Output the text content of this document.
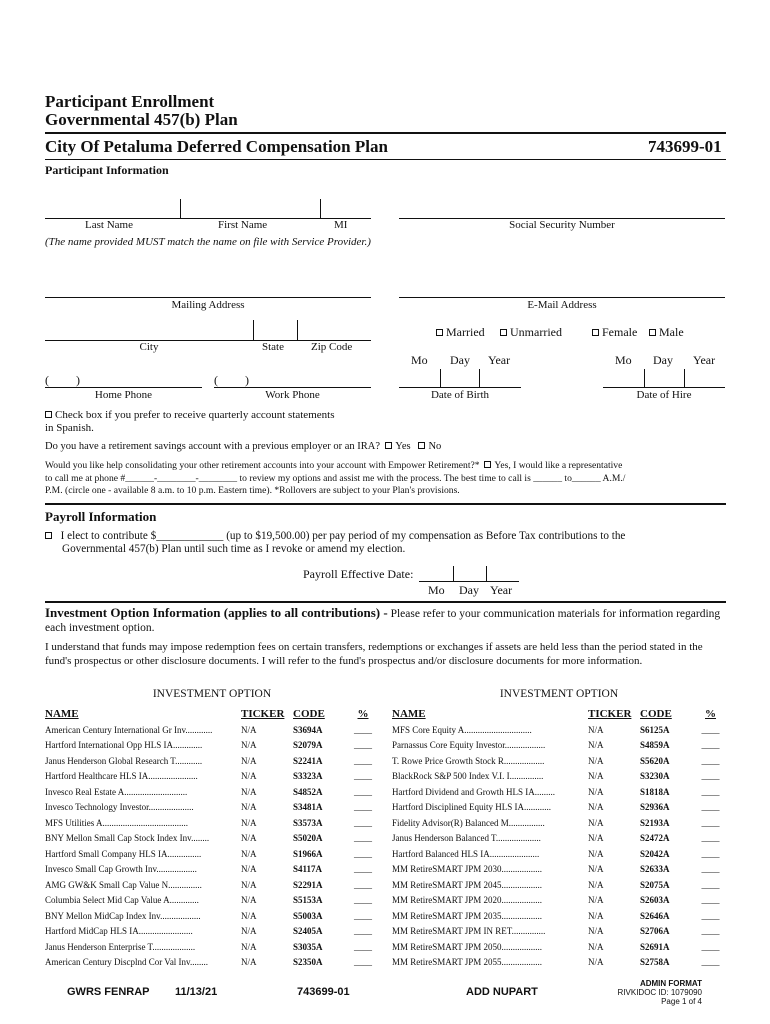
Participant Enrollment
Governmental 457(b) Plan
City Of Petaluma Deferred Compensation Plan	743699-01
Participant Information
Last Name	First Name	MI
(The name provided MUST match the name on file with Service Provider.)
Social Security Number
Mailing Address	E-Mail Address
City	State Zip Code
Married	Unmarried	Female	Male
Mo Day Year	Mo Day Year
(         )
Home Phone
(         )
Work Phone	Date of Birth	Date of Hire
Check box if you prefer to receive quarterly account statements in Spanish.
Do you have a retirement savings account with a previous employer or an IRA? Yes No
Would you like help consolidating your other retirement accounts into your account with Empower Retirement?* Yes, I would like a representative
to call me at phone #______-________-________ to review my options and assist me with the process. The best time to call is ______ to______ A.M./
P.M. (circle one - available 8 a.m. to 10 p.m. Eastern time). *Rollovers are subject to your Plan's provisions.
Payroll Information
I elect to contribute $____________ (up to $19,500.00) per pay period of my compensation as Before Tax contributions to the
Governmental 457(b) Plan until such time as I revoke or amend my election.
Payroll Effective Date:
Mo Day Year
Investment Option Information (applies to all contributions) - Please refer to your communication materials for information regarding each investment option.
I understand that funds may impose redemption fees on certain transfers, redemptions or exchanges if assets are held less than the period stated in the fund's prospectus or other disclosure documents. I will refer to the fund's prospectus and/or disclosure documents for more information.
INVESTMENT OPTION	INVESTMENT OPTION
NAME	TICKER	CODE	%
American Century International Gr Inv............	N/A	S3694A	____
Hartford International Opp HLS IA.............	N/A	S2079A	____
Janus Henderson Global Research T............	N/A	S2241A	____
Hartford Healthcare HLS IA......................	N/A	S3323A	____
Invesco Real Estate A............................	N/A	S4852A	____
Invesco Technology Investor....................	N/A	S3481A	____
MFS Utilities A......................................	N/A	S3573A	____
BNY Mellon Small Cap Stock Index Inv........	N/A	S5020A	____
Hartford Small Company HLS IA...............	N/A	S1966A	____
Invesco Small Cap Growth Inv..................	N/A	S4117A	____
AMG GW&K Small Cap Value N...............	N/A	S2291A	____
Columbia Select Mid Cap Value A.............	N/A	S5153A	____
BNY Mellon MidCap Index Inv..................	N/A	S5003A	____
Hartford MidCap HLS IA........................	N/A	S2405A	____
Janus Henderson Enterprise T...................	N/A	S3035A	____
American Century Discplnd Cor Val Inv........	N/A	S2350A	____
NAME	TICKER	CODE	%
MFS Core Equity A..............................	N/A	S6125A	____
Parnassus Core Equity Investor..................	N/A	S4859A	____
T. Rowe Price Growth Stock R..................	N/A	S5620A	____
BlackRock S&P 500 Index V.I. I...............	N/A	S3230A	____
Hartford Dividend and Growth HLS IA.........	N/A	S1818A	____
Hartford Disciplined Equity HLS IA............	N/A	S2936A	____
Fidelity Advisor(R) Balanced M................	N/A	S2193A	____
Janus Henderson Balanced T....................	N/A	S2472A	____
Hartford Balanced HLS IA......................	N/A	S2042A	____
MM RetireSMART JPM 2030..................	N/A	S2633A	____
MM RetireSMART JPM 2045..................	N/A	S2075A	____
MM RetireSMART JPM 2020..................	N/A	S2603A	____
MM RetireSMART JPM 2035..................	N/A	S2646A	____
MM RetireSMART JPM IN RET...............	N/A	S2706A	____
MM RetireSMART JPM 2050..................	N/A	S2691A	____
MM RetireSMART JPM 2055..................	N/A	S2758A	____
GWRS FENRAP 11/13/21	743699-01	ADD NUPART
ADMIN FORMAT
RIVKIDOC ID: 1079090
Page 1 of 4
